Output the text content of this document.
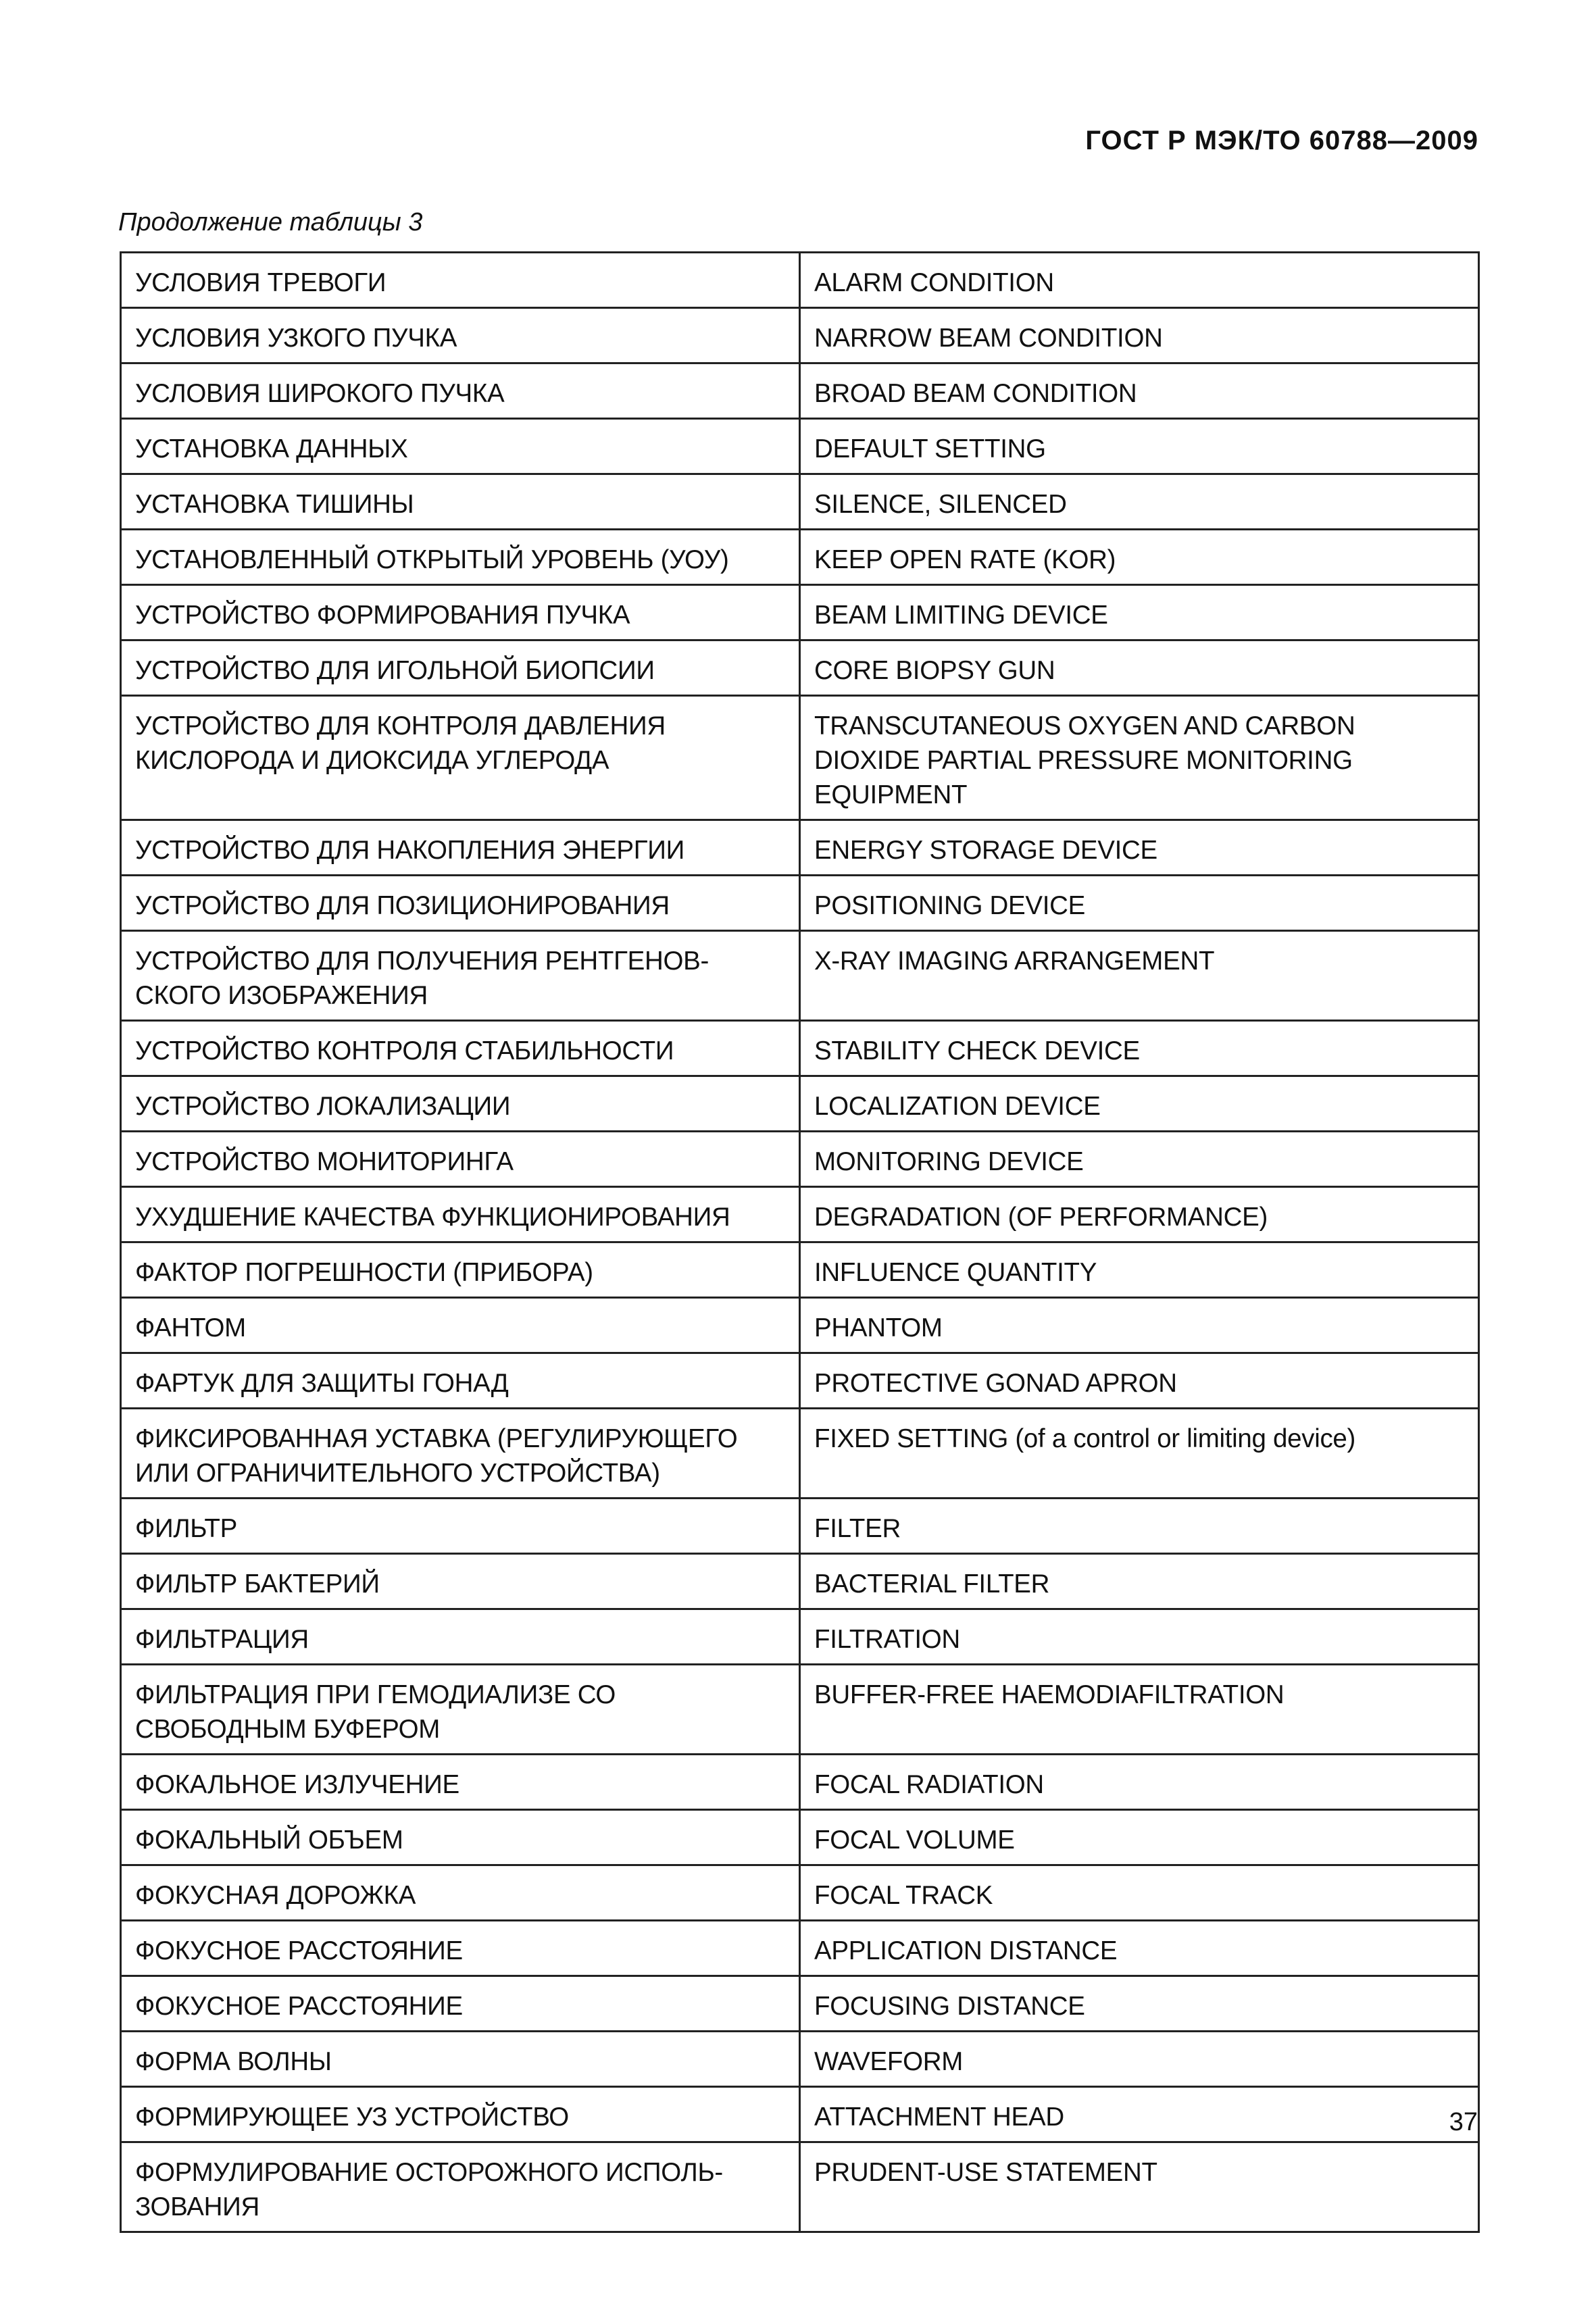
ГОСТ Р МЭК/ТО 60788—2009
Продолжение таблицы 3
УСЛОВИЯ ТРЕВОГИ	ALARM CONDITION
УСЛОВИЯ УЗКОГО ПУЧКА	NARROW BEAM CONDITION
УСЛОВИЯ ШИРОКОГО ПУЧКА	BROAD BEAM CONDITION
УСТАНОВКА ДАННЫХ	DEFAULT SETTING
УСТАНОВКА ТИШИНЫ	SILENCE, SILENCED
УСТАНОВЛЕННЫЙ ОТКРЫТЫЙ УРОВЕНЬ (УОУ)	KEEP OPEN RATE (KOR)
УСТРОЙСТВО ФОРМИРОВАНИЯ ПУЧКА	BEAM LIMITING DEVICE
УСТРОЙСТВО ДЛЯ ИГОЛЬНОЙ БИОПСИИ	CORE BIOPSY GUN
УСТРОЙСТВО ДЛЯ КОНТРОЛЯ ДАВЛЕНИЯ КИСЛОРОДА И ДИОКСИДА УГЛЕРОДА	TRANSCUTANEOUS OXYGEN AND CARBON DIOXIDE PARTIAL PRESSURE MONITORING EQUIPMENT
УСТРОЙСТВО ДЛЯ НАКОПЛЕНИЯ ЭНЕРГИИ	ENERGY STORAGE DEVICE
УСТРОЙСТВО ДЛЯ ПОЗИЦИОНИРОВАНИЯ	POSITIONING DEVICE
УСТРОЙСТВО ДЛЯ ПОЛУЧЕНИЯ РЕНТГЕНОВ-СКОГО ИЗОБРАЖЕНИЯ	X-RAY IMAGING ARRANGEMENT
УСТРОЙСТВО КОНТРОЛЯ СТАБИЛЬНОСТИ	STABILITY CHECK DEVICE
УСТРОЙСТВО ЛОКАЛИЗАЦИИ	LOCALIZATION DEVICE
УСТРОЙСТВО МОНИТОРИНГА	MONITORING DEVICE
УХУДШЕНИЕ КАЧЕСТВА ФУНКЦИОНИРОВАНИЯ	DEGRADATION (OF PERFORMANCE)
ФАКТОР ПОГРЕШНОСТИ (ПРИБОРА)	INFLUENCE QUANTITY
ФАНТОМ	PHANTOM
ФАРТУК ДЛЯ ЗАЩИТЫ ГОНАД	PROTECTIVE GONAD APRON
ФИКСИРОВАННАЯ УСТАВКА (РЕГУЛИРУЮЩЕГО ИЛИ ОГРАНИЧИТЕЛЬНОГО УСТРОЙСТВА)	FIXED SETTING (of a control or limiting device)
ФИЛЬТР	FILTER
ФИЛЬТР БАКТЕРИЙ	BACTERIAL FILTER
ФИЛЬТРАЦИЯ	FILTRATION
ФИЛЬТРАЦИЯ ПРИ ГЕМОДИАЛИЗЕ СО СВОБОДНЫМ БУФЕРОМ	BUFFER-FREE HAEMODIAFILTRATION
ФОКАЛЬНОЕ ИЗЛУЧЕНИЕ	FOCAL RADIATION
ФОКАЛЬНЫЙ ОБЪЕМ	FOCAL VOLUME
ФОКУСНАЯ ДОРОЖКА	FOCAL TRACK
ФОКУСНОЕ РАССТОЯНИЕ	APPLICATION DISTANCE
ФОКУСНОЕ РАССТОЯНИЕ	FOCUSING DISTANCE
ФОРМА ВОЛНЫ	WAVEFORM
ФОРМИРУЮЩЕЕ УЗ УСТРОЙСТВО	ATTACHMENT HEAD
ФОРМУЛИРОВАНИЕ ОСТОРОЖНОГО ИСПОЛЬ-ЗОВАНИЯ	PRUDENT-USE STATEMENT
37
